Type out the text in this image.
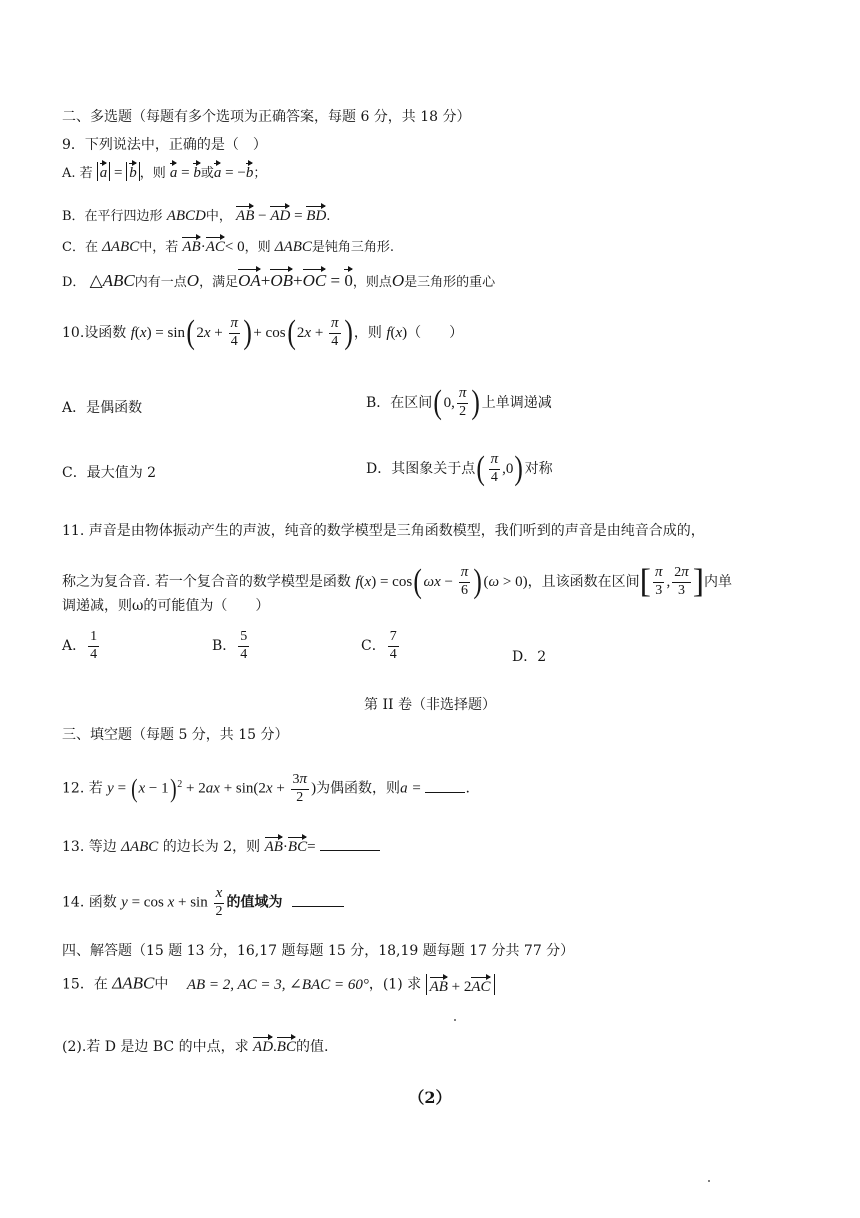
二、多选题（每题有多个选项为正确答案，每题 6 分，共 18 分）
9．下列说法中，正确的是（　）
A. 若 a = b ，则 a = b或a = −b；
B．在平行四边形 ABCD中， AB − AD = BD.
C．在 ΔABC中，若 AB·AC< 0，则 ΔABC是钝角三角形.
D． △ABC内有一点O，满足OA+OB+OC = 0，则点O是三角形的重心
10.设函数 $f(x) = \sin(2x + \frac{\pi}{4}$ )+ $\cos(2x + \frac{\pi}{4}$ )，则 f(x)（　　）
A．是偶函数	B．在区间(0, $\frac{\pi}{2}$ )上单调递减
C．最大值为 2	D．其图象关于点( $\frac{\pi}{4} ,0$)对称
11. 声音是由物体振动产生的声波，纯音的数学模型是三角函数模型，我们听到的声音是由纯音合成的，
称之为复合音. 若一个复合音的数学模型是函数 $f(x) = \cos(\omega x - \frac{\pi}{6} )(\omega > 0)$，且该函数在区间[ $\frac{\pi}{3}$ , $\frac{2\pi}{3}$ ]内单
调递减，则ω的可能值为（　　）
A． $\frac{1}{4}$	B． $\frac{5}{4}$	C． $\frac{7}{4}$	D．2
第 II 卷（非选择题）
三、填空题（每题 5 分，共 15 分）
12. 若 $y = (x - 1)^2 + 2ax + \sin(2x + \frac{3\pi}{2}$ )为偶函数，则a =	.
13. 等边 ΔABC 的边长为 2，则 AB·BC=
14. 函数 $y = \cos x + \sin \frac{x}{2}$ 的值域为
四、解答题（15 题 13 分，16,17 题每题 15 分，18,19 题每题 17 分共 77 分）
15．在 ΔABC中 AB = 2, AC = 3, ∠BAC = 60°，(1) 求 AB + 2AC
(2).若 D 是边 BC 的中点，求 AD.BC的值.
（2）
